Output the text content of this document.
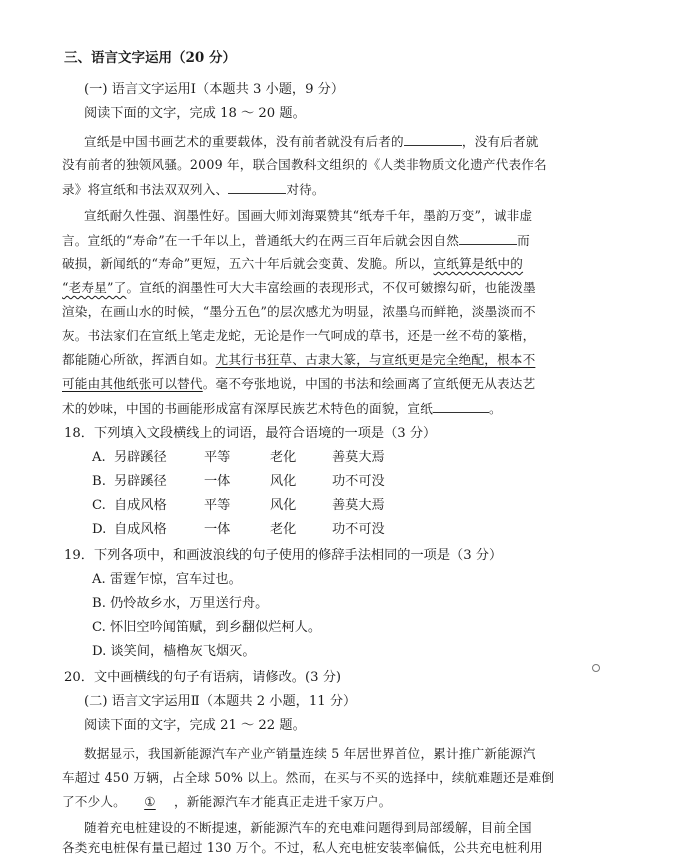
三、语言文字运用（20 分）
(一) 语言文字运用Ⅰ（本题共 3 小题，9 分）
阅读下面的文字，完成 18 ～ 20 题。
宣纸是中国书画艺术的重要载体，没有前者就没有后者的	，没有后者就
没有前者的独领风骚。2009 年，联合国教科文组织的《人类非物质文化遗产代表作名
录》将宣纸和书法双双列入、	对待。
宣纸耐久性强、润墨性好。国画大师刘海粟赞其“纸寿千年，墨韵万变”，诚非虚
言。宣纸的“寿命”在一千年以上，普通纸大约在两三百年后就会因自然	而
破损，新闻纸的“寿命”更短，五六十年后就会变黄、发脆。所以，宣纸算是纸中的
“老寿星”了。宣纸的润墨性可大大丰富绘画的表现形式，不仅可皴擦勾斫，也能泼墨
渲染，在画山水的时候，“墨分五色”的层次感尤为明显，浓墨乌而鲜艳，淡墨淡而不
灰。书法家们在宣纸上笔走龙蛇，无论是作一气呵成的草书，还是一丝不苟的篆楷，
都能随心所欲，挥洒自如。尤其行书狂草、古隶大篆，与宣纸更是完全绝配，根本不
可能由其他纸张可以替代。毫不夸张地说，中国的书法和绘画离了宣纸便无从表达艺
术的妙味，中国的书画能形成富有深厚民族艺术特色的面貌，宣纸	。
18．下列填入文段横线上的词语，最符合语境的一项是（3 分）
A. 另辟蹊径	平等	老化	善莫大焉
B. 另辟蹊径	一体	风化	功不可没
C. 自成风格	平等	风化	善莫大焉
D. 自成风格	一体	老化	功不可没
19．下列各项中，和画波浪线的句子使用的修辞手法相同的一项是（3 分）
A. 雷霆乍惊，宫车过也。
B. 仍怜故乡水，万里送行舟。
C. 怀旧空吟闻笛赋，到乡翻似烂柯人。
D. 谈笑间，樯橹灰飞烟灭。
20．文中画横线的句子有语病，请修改。(3 分)
(二) 语言文字运用Ⅱ（本题共 2 小题，11 分）
阅读下面的文字，完成 21 ～ 22 题。
数据显示，我国新能源汽车产业产销量连续 5 年居世界首位，累计推广新能源汽
车超过 450 万辆，占全球 50% 以上。然而，在买与不买的选择中，续航难题还是难倒
了不少人。 ① ，新能源汽车才能真正走进千家万户。
随着充电桩建设的不断提速，新能源汽车的充电难问题得到局部缓解，目前全国
各类充电桩保有量已超过 130 万个。不过，私人充电桩安装率偏低，公共充电桩利用
